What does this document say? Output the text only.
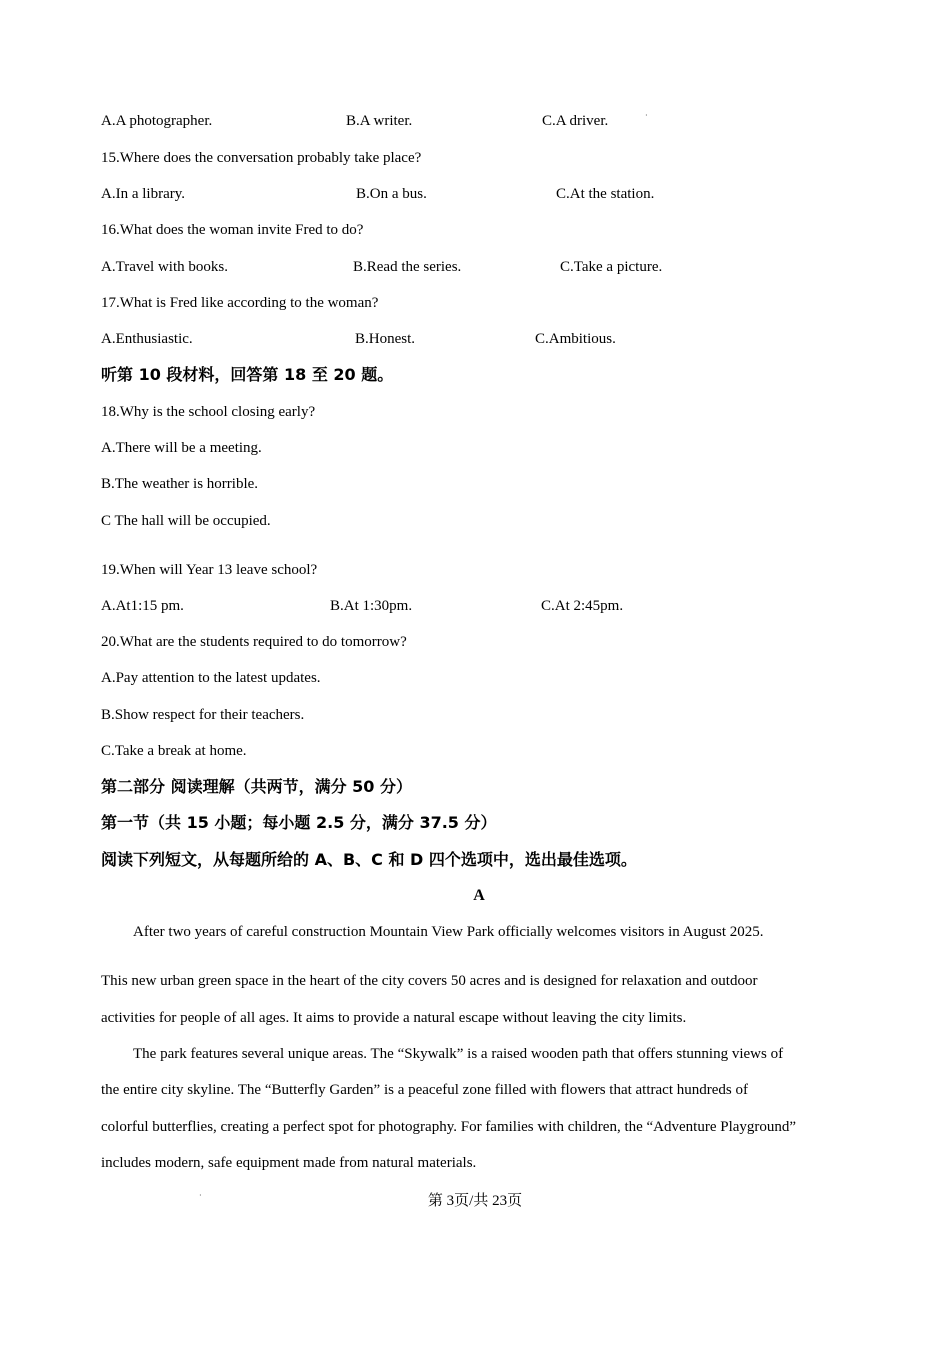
A.A photographer.	B.A writer.	C.A driver.	·
15.Where does the conversation probably take place?
A.In a library.	B.On a bus.	C.At the station.
16.What does the woman invite Fred to do?
A.Travel with books.	B.Read the series.	C.Take a picture.
17.What is Fred like according to the woman?
A.Enthusiastic.	B.Honest.	C.Ambitious.
听第 10 段材料，回答第 18 至 20 题。
18.Why is the school closing early?
A.There will be a meeting.
B.The weather is horrible.
C The hall will be occupied.
19.When will Year 13 leave school?
A.At1:15 pm.	B.At 1:30pm.	C.At 2:45pm.
20.What are the students required to do tomorrow?
A.Pay attention to the latest updates.
B.Show respect for their teachers.
C.Take a break at home.
第二部分 阅读理解（共两节，满分 50 分）
第一节（共 15 小题；每小题 2.5 分，满分 37.5 分）
阅读下列短文，从每题所给的 A、B、C 和 D 四个选项中，选出最佳选项。
A
After two years of careful construction Mountain View Park officially welcomes visitors in August 2025.
This new urban green space in the heart of the city covers 50 acres and is designed for relaxation and outdoor
activities for people of all ages. It aims to provide a natural escape without leaving the city limits.
The park features several unique areas. The “Skywalk” is a raised wooden path that offers stunning views of
the entire city skyline. The “Butterfly Garden” is a peaceful zone filled with flowers that attract hundreds of
colorful butterflies, creating a perfect spot for photography. For families with children, the “Adventure Playground”
includes modern, safe equipment made from natural materials.
·	第 3页/共 23页
